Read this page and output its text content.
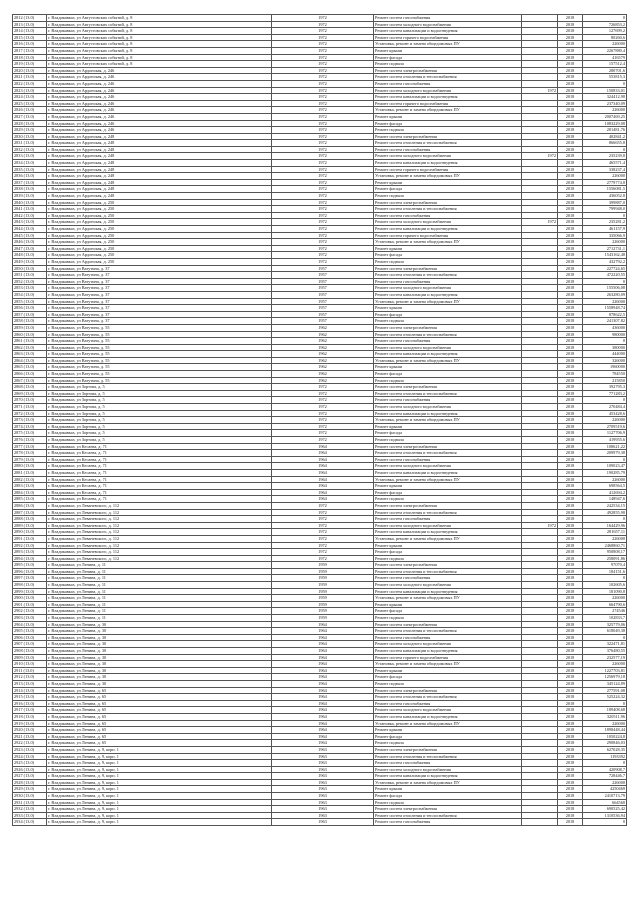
2812 (13.0)	г. Владикавказ, ул Августовских событий, д. 8	1972	Ремонт систем газоснабжения		2018	0
2813 (13.0)	г. Владикавказ, ул Августовских событий, д. 8	1972	Ремонт систем холодного водоснабжения		2018	726853,2
2814 (13.0)	г. Владикавказ, ул Августовских событий, д. 8	1972	Ремонт систем канализации и водоотведения		2018	127699,2
2815 (13.0)	г. Владикавказ, ул Августовских событий, д. 8	1972	Ремонт систем горячего водоснабжения		2018	80260,6
2816 (13.0)	г. Владикавказ, ул Августовских событий, д. 8	1972	Установка, ремонт и замена общедомовых ПУ		2018	226000
2817 (13.0)	г. Владикавказ, ул Августовских событий, д. 8	1972	Ремонт крыши		2018	2267880,4
2818 (13.0)	г. Владикавказ, ул Августовских событий, д. 8	1972	Ремонт фасада		2018	416579
2819 (13.0)	г. Владикавказ, ул Августовских событий, д. 8	1972	Ремонт подвала		2018	157512,4
2820 (13.0)	г. Владикавказ, ул Ардонская, д. 246	1972	Ремонт систем электроснабжения		2018	280701,6
2821 (13.0)	г. Владикавказ, ул Ардонская, д. 246	1972	Ремонт систем отопления и теплоснабжения		2018	553815,3
2822 (13.0)	г. Владикавказ, ул Ардонская, д. 246	1972	Ремонт систем газоснабжения		2018	0
2823 (13.0)	г. Владикавказ, ул Ардонская, д. 246	1972	Ремонт систем холодного водоснабжения	1972	2018	150833,01
2824 (13.0)	г. Владикавказ, ул Ардонская, д. 246	1972	Ремонт систем канализации и водоотведения		2018	324412,98
2825 (13.0)	г. Владикавказ, ул Ардонская, д. 246	1972	Ремонт систем горячего водоснабжения		2018	237340,09
2826 (13.0)	г. Владикавказ, ул Ардонская, д. 246	1972	Установка, ремонт и замена общедомовых ПУ		2018	226000
2827 (13.0)	г. Владикавказ, ул Ардонская, д. 246	1972	Ремонт крыши		2018	2007469,25
2828 (13.0)	г. Владикавказ, ул Ардонская, д. 246	1972	Ремонт фасада		2018	1083229,08
2829 (13.0)	г. Владикавказ, ул Ардонская, д. 246	1972	Ремонт подвала		2018	201481,76
2830 (13.0)	г. Владикавказ, ул Ардонская, д. 248	1972	Ремонт систем электроснабжения		2018	402841,2
2831 (13.0)	г. Владикавказ, ул Ардонская, д. 248	1972	Ремонт систем отопления и теплоснабжения		2018	866655,8
2832 (13.0)	г. Владикавказ, ул Ардонская, д. 248	1972	Ремонт систем газоснабжения		2018	0
2833 (13.0)	г. Владикавказ, ул Ардонская, д. 248	1972	Ремонт систем холодного водоснабжения	1972	2018	235239,8
2834 (13.0)	г. Владикавказ, ул Ардонская, д. 248	1972	Ремонт систем канализации и водоотведения		2018	465571,4
2835 (13.0)	г. Владикавказ, ул Ардонская, д. 248	1972	Ремонт систем горячего водоснабжения		2018	338237,4
2836 (13.0)	г. Владикавказ, ул Ардонская, д. 248	1972	Установка, ремонт и замена общедомовых ПУ		2018	226000
2837 (13.0)	г. Владикавказ, ул Ардонская, д. 248	1972	Ремонт крыши		2018	2779774,8
2838 (13.0)	г. Владикавказ, ул Ардонская, д. 248	1972	Ремонт фасада		2018	1556081,5
2839 (13.0)	г. Владикавказ, ул Ардонская, д. 248	1972	Ремонт подвала		2018	436052,8
2840 (13.0)	г. Владикавказ, ул Ардонская, д. 250	1972	Ремонт систем электроснабжения		2018	399887,0
2841 (13.0)	г. Владикавказ, ул Ардонская, д. 250	1972	Ремонт систем отопления и теплоснабжения		2018	799948,0
2842 (13.0)	г. Владикавказ, ул Ардонская, д. 250	1972	Ремонт систем газоснабжения		2018	0
2843 (13.0)	г. Владикавказ, ул Ардонская, д. 250	1972	Ремонт систем холодного водоснабжения	1972	2018	235281,2
2844 (13.0)	г. Владикавказ, ул Ардонская, д. 250	1972	Ремонт систем канализации и водоотведения		2018	461157,9
2845 (13.0)	г. Владикавказ, ул Ардонская, д. 250	1972	Ремонт систем горячего водоснабжения		2018	335066,9
2846 (13.0)	г. Владикавказ, ул Ардонская, д. 250	1972	Установка, ремонт и замена общедомовых ПУ		2018	226000
2847 (13.0)	г. Владикавказ, ул Ардонская, д. 250	1972	Ремонт крыши		2018	2712731,1
2848 (13.0)	г. Владикавказ, ул Ардонская, д. 250	1972	Ремонт фасада		2018	1543162,48
2849 (13.0)	г. Владикавказ, ул Ардонская, д. 250	1972	Ремонт подвала		2018	432792,2
2850 (13.0)	г. Владикавказ, ул Ватутина, д. 37	1957	Ремонт систем электроснабжения		2018	227724,65
2851 (13.0)	г. Владикавказ, ул Ватутина, д. 37	1957	Ремонт систем отопления и теплоснабжения		2018	472220,55
2852 (13.0)	г. Владикавказ, ул Ватутина, д. 37	1957	Ремонт систем газоснабжения		2018	0
2853 (13.0)	г. Владикавказ, ул Ватутина, д. 37	1957	Ремонт систем холодного водоснабжения		2018	155506,08
2854 (13.0)	г. Владикавказ, ул Ватутина, д. 37	1957	Ремонт систем канализации и водоотведения		2018	263280,09
2855 (13.0)	г. Владикавказ, ул Ватутина, д. 37	1957	Установка, ремонт и замена общедомовых ПУ		2018	226000
2856 (13.0)	г. Владикавказ, ул Ватутина, д. 37	1957	Ремонт крыши		2018	1558948,74
2857 (13.0)	г. Владикавказ, ул Ватутина, д. 37	1957	Ремонт фасада		2018	878622,5
2858 (13.0)	г. Владикавказ, ул Ватутина, д. 37	1957	Ремонт подвала		2018	241307,82
2859 (13.0)	г. Владикавказ, ул Ватутина, д. 55	1962	Ремонт систем электроснабжения		2018	436000
2860 (13.0)	г. Владикавказ, ул Ватутина, д. 55	1962	Ремонт систем отопления и теплоснабжения		2018	980000
2861 (13.0)	г. Владикавказ, ул Ватутина, д. 55	1962	Ремонт систем газоснабжения		2018	0
2862 (13.0)	г. Владикавказ, ул Ватутина, д. 55	1962	Ремонт систем холодного водоснабжения		2018	380000
2863 (13.0)	г. Владикавказ, ул Ватутина, д. 55	1962	Ремонт систем канализации и водоотведения		2018	444000
2864 (13.0)	г. Владикавказ, ул Ватутина, д. 55	1962	Установка, ремонт и замена общедомовых ПУ		2018	326000
2865 (13.0)	г. Владикавказ, ул Ватутина, д. 55	1962	Ремонт крыши		2018	1960000
2866 (13.0)	г. Владикавказ, ул Ватутина, д. 55	1962	Ремонт фасада		2018	784550
2867 (13.0)	г. Владикавказ, ул Ватутина, д. 55	1962	Ремонт подвала		2018	215850
2868 (13.0)	г. Владикавказ, ул Зортова, д. 5	1972	Ремонт систем электроснабжения		2018	392795,3
2869 (13.0)	г. Владикавказ, ул Зортова, д. 5	1972	Ремонт систем отопления и теплоснабжения		2018	771283,2
2870 (13.0)	г. Владикавказ, ул Зортова, д. 5	1972	Ремонт систем газоснабжения		2018	0
2871 (13.0)	г. Владикавказ, ул Зортова, д. 5	1972	Ремонт систем холодного водоснабжения		2018	270484,4
2872 (13.0)	г. Владикавказ, ул Зортова, д. 5	1972	Ремонт систем канализации и водоотведения		2018	453428,6
2873 (13.0)	г. Владикавказ, ул Зортова, д. 5	1972	Установка, ремонт и замена общедомовых ПУ		2018	226000
2874 (13.0)	г. Владикавказ, ул Зортова, д. 5	1972	Ремонт крыши		2018	2709519,6
2875 (13.0)	г. Владикавказ, ул Зортова, д. 5	1972	Ремонт фасада		2018	1127706,9
2876 (13.0)	г. Владикавказ, ул Зортова, д. 5	1972	Ремонт подвала		2018	419955,6
2877 (13.0)	г. Владикавказ, ул Кесаева, д. 71	1964	Ремонт систем электроснабжения		2018	108621,22
2878 (13.0)	г. Владикавказ, ул Кесаева, д. 71	1964	Ремонт систем отопления и теплоснабжения		2018	209979,38
2879 (13.0)	г. Владикавказ, ул Кесаева, д. 71	1964	Ремонт систем газоснабжения		2018	0
2880 (13.0)	г. Владикавказ, ул Кесаева, д. 71	1964	Ремонт систем холодного водоснабжения		2018	109023,47
2881 (13.0)	г. Владикавказ, ул Кесаева, д. 71	1964	Ремонт систем канализации и водоотведения		2018	190285,79
2882 (13.0)	г. Владикавказ, ул Кесаева, д. 71	1964	Установка, ремонт и замена общедомовых ПУ		2018	226000
2883 (13.0)	г. Владикавказ, ул Кесаева, д. 71	1964	Ремонт крыши		2018	698564,5
2884 (13.0)	г. Владикавказ, ул Кесаева, д. 71	1964	Ремонт фасада		2018	412694,2
2885 (13.0)	г. Владикавказ, ул Кесаева, д. 71	1964	Ремонт подвала		2018	148947,6
2886 (13.0)	г. Владикавказ, ул Леваневского, д. 112	1972	Ремонт систем электроснабжения		2018	242534,15
2887 (13.0)	г. Владикавказ, ул Леваневского, д. 112	1972	Ремонт систем отопления и теплоснабжения		2018	492855,98
2888 (13.0)	г. Владикавказ, ул Леваневского, д. 112	1972	Ремонт систем газоснабжения		2018	0
2889 (13.0)	г. Владикавказ, ул Леваневского, д. 112	1972	Ремонт систем холодного водоснабжения	1972	2018	164429,96
2890 (13.0)	г. Владикавказ, ул Леваневского, д. 112	1972	Ремонт систем канализации и водоотведения		2018	281657,11
2891 (13.0)	г. Владикавказ, ул Леваневского, д. 112	1972	Установка, ремонт и замена общедомовых ПУ		2018	226000
2892 (13.0)	г. Владикавказ, ул Леваневского, д. 112	1972	Ремонт крыши		2018	2468860,71
2893 (13.0)	г. Владикавказ, ул Леваневского, д. 112	1972	Ремонт фасада		2018	950808,17
2894 (13.0)	г. Владикавказ, ул Леваневского, д. 112	1972	Ремонт подвала		2018	258091,86
2895 (13.0)	г. Владикавказ, ул Ленина, д. 11	1959	Ремонт систем электроснабжения		2018	97070,4
2896 (13.0)	г. Владикавказ, ул Ленина, д. 11	1959	Ремонт систем отопления и теплоснабжения		2018	184151,6
2897 (13.0)	г. Владикавказ, ул Ленина, д. 11	1959	Ремонт систем газоснабжения		2018	0
2898 (13.0)	г. Владикавказ, ул Ленина, д. 11	1959	Ремонт систем холодного водоснабжения		2018	102605,6
2899 (13.0)	г. Владикавказ, ул Ленина, д. 11	1959	Ремонт систем канализации и водоотведения		2018	181090,8
2900 (13.0)	г. Владикавказ, ул Ленина, д. 11	1959	Установка, ремонт и замена общедомовых ПУ		2018	226000
2901 (13.0)	г. Владикавказ, ул Ленина, д. 11	1959	Ремонт крыши		2018	664790,6
2902 (13.0)	г. Владикавказ, ул Ленина, д. 11	1959	Ремонт фасада		2018	274546
2903 (13.0)	г. Владикавказ, ул Ленина, д. 11	1959	Ремонт подвала		2018	102833,7
2904 (13.0)	г. Владикавказ, ул Ленина, д. 30	1964	Ремонт систем электроснабжения		2018	325779,06
2905 (13.0)	г. Владикавказ, ул Ленина, д. 30	1964	Ремонт систем отопления и теплоснабжения		2018	618049,38
2906 (13.0)	г. Владикавказ, ул Ленина, д. 30	1964	Ремонт систем газоснабжения		2018	0
2907 (13.0)	г. Владикавказ, ул Ленина, д. 30	1964	Ремонт систем холодного водоснабжения		2018	322471,81
2908 (13.0)	г. Владикавказ, ул Ленина, д. 30	1964	Ремонт систем канализации и водоотведения		2018	376480,55
2909 (13.0)	г. Владикавказ, ул Ленина, д. 30	1964	Ремонт систем горячего водоснабжения		2018	232577,19
2910 (13.0)	г. Владикавказ, ул Ленина, д. 30	1964	Установка, ремонт и замена общедомовых ПУ		2018	226000
2911 (13.0)	г. Владикавказ, ул Ленина, д. 30	1964	Ремонт крыши		2018	1227703,81
2912 (13.0)	г. Владикавказ, ул Ленина, д. 30	1964	Ремонт фасада		2018	1256979,18
2913 (13.0)	г. Владикавказ, ул Ленина, д. 30	1964	Ремонт подвала		2018	345124,89
2914 (13.0)	г. Владикавказ, ул Ленина, д. 65	1964	Ремонт систем электроснабжения		2018	277591,08
2915 (13.0)	г. Владикавказ, ул Ленина, д. 65	1964	Ремонт систем отопления и теплоснабжения		2018	525224,32
2916 (13.0)	г. Владикавказ, ул Ленина, д. 65	1964	Ремонт систем газоснабжения		2018	0
2917 (13.0)	г. Владикавказ, ул Ленина, д. 65	1964	Ремонт систем холодного водоснабжения		2018	189408,68
2918 (13.0)	г. Владикавказ, ул Ленина, д. 65	1964	Ремонт систем канализации и водоотведения		2018	320511,96
2919 (13.0)	г. Владикавказ, ул Ленина, д. 65	1964	Установка, ремонт и замена общедомовых ПУ		2018	226000
2920 (13.0)	г. Владикавказ, ул Ленина, д. 65	1964	Ремонт крыши		2018	1898448,44
2921 (13.0)	г. Владикавказ, ул Ленина, д. 65	1964	Ремонт фасада		2018	1050224,8
2922 (13.0)	г. Владикавказ, ул Ленина, д. 65	1964	Ремонт подвала		2018	290846,03
2923 (13.0)	г. Владикавказ, ул Ленина, д. 9, корп. 1	1963	Ремонт систем электроснабжения		2018	627028,35
2924 (13.0)	г. Владикавказ, ул Ленина, д. 9, корп. 1	1963	Ремонт систем отопления и теплоснабжения		2018	1193392
2925 (13.0)	г. Владикавказ, ул Ленина, д. 9, корп. 1	1963	Ремонт систем газоснабжения		2018	0
2926 (13.0)	г. Владикавказ, ул Ленина, д. 9, корп. 1	1963	Ремонт систем холодного водоснабжения		2018	420908,7
2927 (13.0)	г. Владикавказ, ул Ленина, д. 9, корп. 1	1963	Ремонт систем канализации и водоотведения		2018	728446,7
2928 (13.0)	г. Владикавказ, ул Ленина, д. 9, корп. 1	1963	Установка, ремонт и замена общедомовых ПУ		2018	226000
2929 (13.0)	г. Владикавказ, ул Ленина, д. 9, корп. 1	1963	Ремонт крыши		2018	4250469
2930 (13.0)	г. Владикавказ, ул Ленина, д. 9, корп. 1	1963	Ремонт фасада		2018	2410713,79
2931 (13.0)	г. Владикавказ, ул Ленина, д. 9, корп. 1	1963	Ремонт подвала		2018	664560
2932 (13.0)	г. Владикавказ, ул Ленина, д. 9, корп. 1	1963	Ремонт систем электроснабжения		2018	690525,42
2933 (13.0)	г. Владикавказ, ул Ленина, д. 9, корп. 1	1963	Ремонт систем отопления и теплоснабжения		2018	1310536,94
2934 (13.0)	г. Владикавказ, ул Ленина, д. 9, корп. 1	1963	Ремонт систем газоснабжения		2018	0
